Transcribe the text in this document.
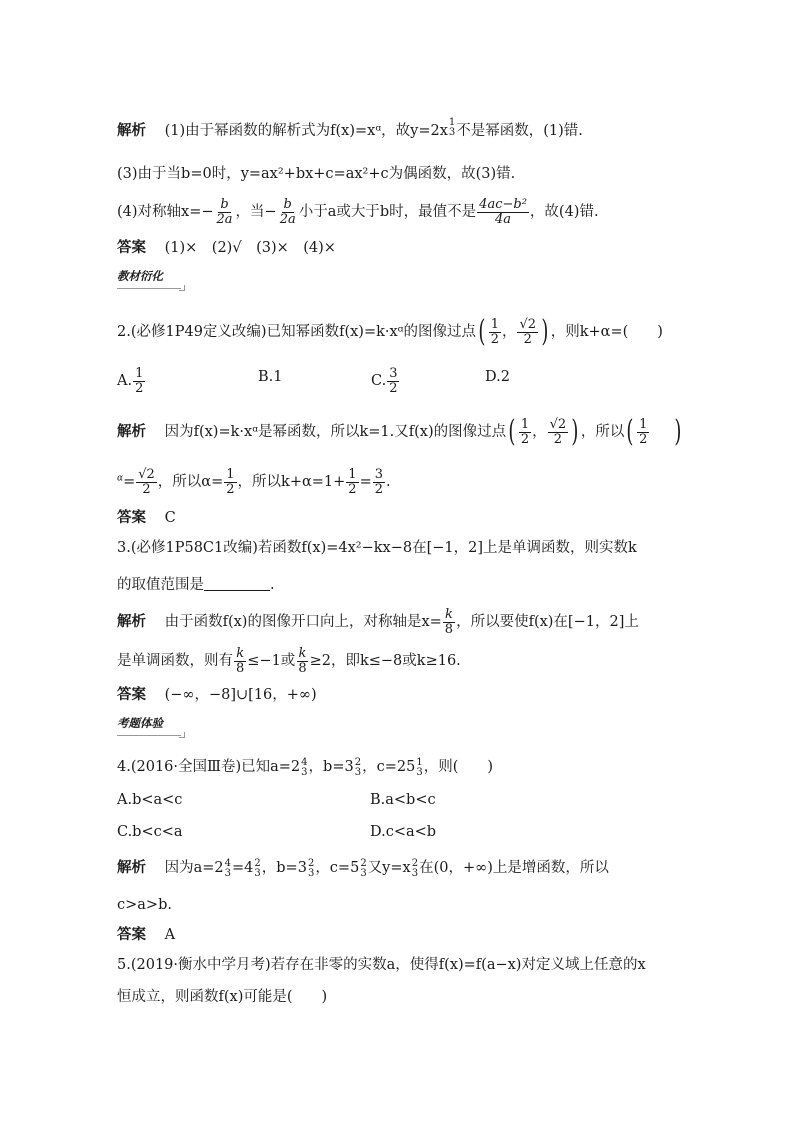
解析 (1)由于幂函数的解析式为f(x)=xᵅ，故y=2x
1
3 不是幂函数，(1)错.
(3)由于当b=0时，y=ax²+bx+c=ax²+c为偶函数，故(3)错.
(4)对称轴$x=- \frac{b}{2a}$ ，当− $\frac{b}{2a}$ 小于a或大于b时，最值不是 $\frac{\text{4ac−b²}}{4a}$ ，故(4)错.
答案 (1)×　(2)√　(3)×　(4)×
教材衍化
2.(必修1P49定义改编)已知幂函数f(x)=k·xᵅ的图像过点( $\frac{1}{2}$ ， $\frac{√2}{2}$ ) ，则k+α=(　　)
A. $\frac{1}{2}$	B.1	C. $\frac{3}{2}$	D.2
解析 因为f(x)=k·xᵅ是幂函数，所以k=1.又f(x)的图像过点( $\frac{1}{2}$ ， $\frac{√2}{2}$ ) ，所以( $\frac{1}{2}$ )
$^\alpha= \frac{√2}{2}$ ，所以$\alpha= \frac{1}{2}$ ，所以$k+\alpha=1+ \frac{1}{2} = \frac{3}{2}$ .
答案 C
3.(必修1P58C1改编)若函数f(x)=4x²−kx−8在[−1，2]上是单调函数，则实数k
的取值范围是	.
解析 由于函数f(x)的图像开口向上，对称轴是$x= \frac{k}{8}$ ，所以要使f(x)在[−1，2]上
是单调函数，则有 $\frac{k}{8} \le-1$或 $\frac{k}{8} \ge 2$，即k≤−8或k≥16.
答案 (−∞，−8]∪[16，+∞)
考题体验
4.(2016·全国Ⅲ卷)已知a=2 4
3 ，b=3 2
3 ，c=25 1
3 ，则(　　)
A.b<a<c	B.a<b<c
C.b<c<a	D.c<a<b
解析 因为a=2 4
3 =4 2
3 ，b=3 2
3 ，c=5 2
3 又y=x 2
3 在(0，+∞)上是增函数，所以
c>a>b.
答案 A
5.(2019·衡水中学月考)若存在非零的实数a，使得f(x)=f(a−x)对定义域上任意的x
恒成立，则函数f(x)可能是(　　)
